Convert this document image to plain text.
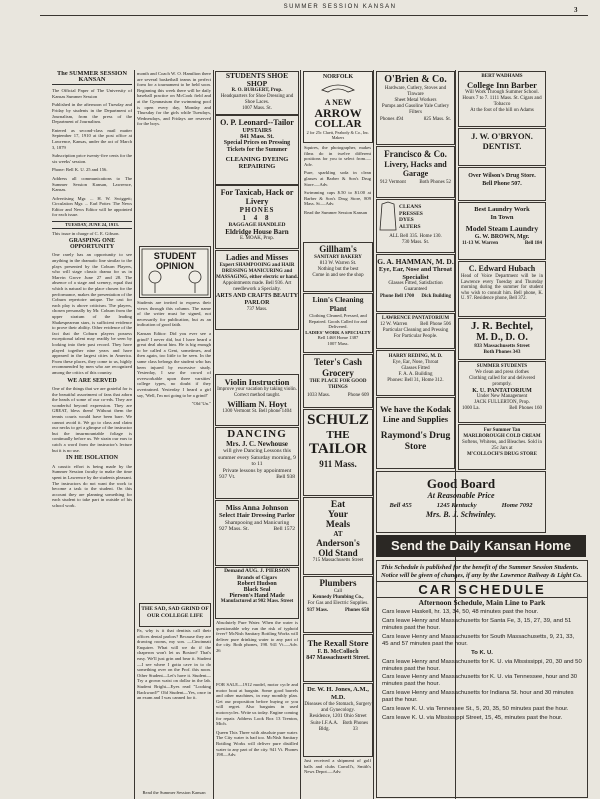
SUMMER SESSION KANSAN	3
The SUMMER SESSION KANSAN

The Official Paper of The University of Kansas Summer Session

Published in the afternoon of Tuesday and Friday by students in the Department of Journalism, from the press of the Department of Journalism.

Entered as second-class mail matter September 17, 1910 at the post office at Lawrence, Kansas, under the act of March 3, 1879

Subscription price twenty-five cents for the six weeks' session.

Phone: Bell K. U. 25 and 156.

Address all communications to The Summer Session Kansan, Lawrence, Kansas.

Advertising Mgr. ... H. W. Swiggett; Circulation Mgr. ... Earl Potter. The News Editor and News Editor will be appointed for each issue.

TUESDAY, JUNE 24, 1913.

This issue in charge of C. E. Gibson.

GRASPING ONE OPPORTUNITY

One rarely has an opportunity to see anything in the dramatic line similar to the plays presented by the Coburn Players, who will stage classic drama for us in Marvin Grove June 27 and 28. The absence of a stage and scenery, equal that which is natural to the place chosen for the performance, makes the presentation of the Coburn repertoire unique. The cast for each play is above criticism. The players, chosen personally by Mr. Coburn from the upper stratum of the leading Shakespearean stars, is sufficient evidence to prove their ability. Other evidence of the fact that the Coburn players possess exceptional talent may readily be seen by looking into their past record. They have played together nine years and have appeared in the largest cities in America. From these places, they come to us, highly recommended by men who are recognized among the critics of this country.

WE ARE SERVED

One of the things that we are grateful for is the beautiful assortment of fans that adorn the heads of some of our co-eds. They are wonderful beyond expression. They are GREAT, bless them! Without them the tennis courts would have been bare. We cannot avoid it. We go to class and claim our necks to get a glimpse of the instructor but the insurmountable foliage is continually before us. We strain our ears to catch a word from the instructor's lecture but it is no use.

IN HE ISOLATION

A caustic effort is being made by the Summer Session faculty to make the time spent in Lawrence by the students pleasant. The instructors do not want the work to become a task to the student. On this account they are planning something for each student to take part in outside of his school work.

month and Coach W. O. Hamilton there are several basketball teams in perfect form for a tournament to be held soon. Beginning this week there will be daily baseball practice on McCook field and at the Gymnasium the swimming pool is open every day, Monday and Thursday for the girls while Tuesdays, Wednesdays, and Fridays are reserved for the boys.

STUDENT OPINION

Students are invited to express their views through this column. The name of the writer must be signed, not necessarily for publication, but as an indication of good faith.

Kansan Editor: Did you ever see a grind? I never did, but I have heard a great deal about him. He is big enough to be called a Geni, sometimes, and then again, too little to be seen. In the same class belongs the student who has been injured by excessive study. Yesterday, I saw the crowd of overworkable upon three varsities' college types, no doubt if they overtrained. Yesterday I heard a girl say, 'Well, I'm not going to be a grind!'

"Old 'Un."

THE SAD, SAD GRIND OF OUR COLLEGE LIFE

Pa, why is it that dentists call their offices dental parlors? Because they are drawing rooms, my son. —Cincinnati Enquirer. What will we do if the chaperon won't let us Boston? That's easy. We'll just grin and bear it. Student—I see where I gotta cave in to do something over on the Prof. this noon. Other Student—Let's have it. Student—Try a grown waist on dollar in the lab. Student Bright—Eyes read "Looking Backward?" Old Student—Yes, once in an exam and I was canned for it.

Read the Summer Session Kansan
STUDENTS SHOE SHOP
R. O. BURGERT, Prop.
Headquarters for Shoe Dressing and Shoe Laces.
1007 Mass. St.
O. P. Leonard--Tailor
UPSTAIRS
841 Mass. St.
Special Prices on Pressing Tickets for the Summer
CLEANING DYEING REPAIRING
For Taxicab, Hack or Livery
PHONES
1 4 8
BAGGAGE HANDLED
Eldridge House Barn
E. MOAK, Prop.
Ladies and Misses
Expert SHAMPOOING and HAIR DRESSING MANICURING and MASSAGING, either electric or hand.
Appointments made. Bell 936. Art needlework a Specialty.
ARTS AND CRAFTS BEAUTY PARLOR
737 Mass.
Violin Instruction
Improve your vacation by taking violin. Correct method taught.
William N. Hoyt
1300 Vermont St. Bell phone 1404
DANCING
Mrs. J. C. Newhouse
will give Dancing Lessons this summer every Saturday morning, 9 to 11
Private lessons by appointment
937 Vt.	Bell 938
Miss Anna Johnson
Select Hair Dressing Parlor
Shampooing and Manicuring
927 Mass. St.	Bell 1572
Demand AUG. J. PIERSON Brands of Cigars
Robert Hudson
Black Seal
Pierson's Hand Made
Manufactured at 902 Mass. Street

Absolutely Pure Water. When the water is questionable why run the risk of typhoid fever? McNish Sanitary Bottling Works will deliver pure drinking water to any part of the city. Both phones, 198. 941 Vt.—Adv. 26

FOR SALE—1912 model, motor cycle and motor boat at bargain. Some good barrels and other machines, in easy monthly plan. Get our proposition before buying or you will regret. Also bargains in used motorcycles. Write us today. Engine coming for repair. Address Look Box 13 Trenton, Mich.

Queen This Three with absolute pure water. The City water is bad too. McNish Sanitary Bottling Works will deliver pure distilled water to any part of the city. 941 Vt. Phones 198—Adv.

NORFOLK
A NEW
ARROW
COLLAR
2 for 25c Cluett, Peabody & Co., Inc. Makers

Squires, the photographer, makes films do in twelve different positions for you to select from.—Adv.

Pure, sparkling soda in clean glasses at Barber & Son's Drug Store.—Adv.

Swimming caps $.50 to $1.00 at Barber & Son's Drug Store, 809 Mass. St.—Adv.

Read the Summer Session Kansan

Gillham's
SANITARY BAKERY
813 W. Warren St.
Nothing but the best
Come in and see the shop
Linn's Cleaning Plant
Clothing Cleaned, Pressed, and Repaired. Goods Called for and Delivered.
LADIES' WORK A SPECIALTY
Bell 1468 Home 1387
1007 Mass.
Teter's Cash Grocery
THE PLACE FOR GOOD THINGS
1033 Mass.	Phone 609
SCHULZ
THE
TAILOR
911 Mass.
Eat
Your
Meals
AT
Anderson's
Old Stand
715 Massachusetts Street
Plumbers
Call
Kennedy Plumbing Co.,
For Gas and Electric Supplies.
937 Mass.	Phones 658
The Rexall Store
F. B. McColloch
847 Massachusett Street.
Dr. W. H. Jones, A.M., M.D.
Diseases of the Stomach, Surgery and Gynecology.
Residence, 1201 Ohio Street
Suite I.F.A.A. Bldg.
Both Phones 33

Just received a shipment of golf balls and clubs Carroll's, Smith's News Depot.—Adv.

O'Brien & Co.
Hardware, Cutlery, Stoves and Tinware
Sheet Metal Workers
Pumps and Gasoline Yale Cutlery
Filters
Phones 494	825 Mass. St.
Francisco & Co.
Livery, Hacks and Garage
912 Vermont	Both Phones 52
CLEANS
PRESSES
DYES
ALTERS
ALL Bell 335. Home 130.
730 Mass. St.
G. A. HAMMAN, M. D.
Eye, Ear, Nose and Throat Specialist
Glasses Fitted, Satisfaction Guaranteed
Phone Bell 1700 Dick Building
LAWRENCE PANTATORIUM
12 W. Warren	Bell Phone 506
Particular Cleaning and Pressing
For Particular People.
HARRY REDING, M. D.
Eye, Ear, Nose, Throat
Glasses Fitted
F. A. A. Building
Phones: Bell 31, Home 312.
We have the Kodak
Line and Supplies
Raymond's Drug
Store
BERT WADHAMS
College Inn Barber
Will Work Through Summer School. Hours 7 to 7. 1111 Mass. St. Cigars and Tobacco
At the foot of the hill on Adams
J. W. O'BRYON.
DENTIST.
Over Wilson's Drug Store.
Bell Phone 507.
Best Laundry Work
In Town
Model Steam Laundry
G. W. BROWN, Mgr.
11-13 W. Warren	Bell 184
C. Edward Hubach
Head of Voice Department will be in Lawrence every Tuesday and Thursday morning during the summer for student who wish to consult him. Bell phone, K. U. 97. Residence phone, Bell 372.
J. R. Bechtel,
M. D., D. O.
833 Massachusetts Street
Both Phones 343
SUMMER STUDENTS
We clean and press clothes
Clothing called for and delivered promptly.
K. U. PANTATORIUM
Under New Management
JACK FULLERTON, Prop.
1000 La.	Bell Phones 160
For Summer Tan
MARLBOROUGH COLD CREAM
Softens, Whitens, and Bleaches. Sold in 25c Jars at
M'COLLOCH'S DRUG STORE
Good Board
At Reasonable Price
Bell 455	1245 Kentucky	Home 7092
Mrs. B. J. Schwinley.
Send the Daily Kansan Home
This Schedule is published for the benefit of the Summer Session Students. Notice will be given of changes, if any by the Lawrence Railway & Light Co.
CAR SCHEDULE
Afternoon Schedule, Main Line to Park
Cars leave Haskell, hr. 13, 34, 50, 48 minutes past the hour.
Cars leave Henry and Massachusetts for Santa Fe, 3, 15, 27, 39, and 51 minutes past the hour.
Cars leave Henry and Massachusetts for South Massachusetts, 9, 21, 33, 45 and 57 minutes past the hour.
To K. U.
Cars leave Henry and Massachusetts for K. U. via Mississippi, 20, 30 and 50 minutes past the hour.
Cars leave Henry and Massachusetts for K. U. via Tennessee, hour and 30 minutes past the hour.
Cars leave Henry and Massachusetts for Indiana St. hour and 30 minutes past the hour.
Cars leave K. U. via Tennessee St., 5, 20, 35, 50 minutes past the hour.
Cars leave K. U. via Mississippi Street, 15, 45, minutes past the hour.
